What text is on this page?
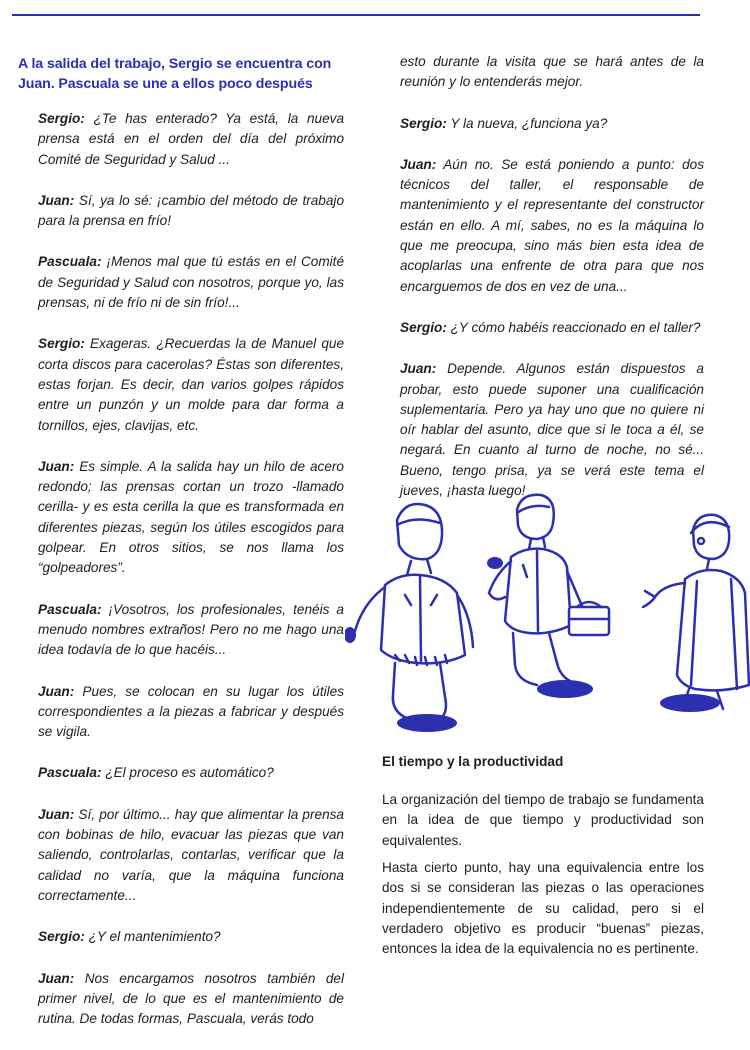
A la salida del trabajo, Sergio se encuentra con Juan. Pascuala se une a ellos poco después

Sergio: ¿Te has enterado? Ya está, la nueva prensa está en el orden del día del próximo Comité de Seguridad y Salud ...

Juan: Sí, ya lo sé: ¡cambio del método de trabajo para la prensa en frío!

Pascuala: ¡Menos mal que tú estás en el Comité de Seguridad y Salud con nosotros, porque yo, las prensas, ni de frío ni de sin frío!...

Sergio: Exageras. ¿Recuerdas la de Manuel que corta discos para cacerolas? Éstas son diferentes, estas forjan. Es decir, dan varios golpes rápidos entre un punzón y un molde para dar forma a tornillos, ejes, clavijas, etc.

Juan: Es simple. A la salida hay un hilo de acero redondo; las prensas cortan un trozo -llamado cerilla- y es esta cerilla la que es transformada en diferentes piezas, según los útiles escogidos para golpear. En otros sitios, se nos llama los “golpeadores”.

Pascuala: ¡Vosotros, los profesionales, tenéis a menudo nombres extraños! Pero no me hago una idea todavía de lo que hacéis...

Juan: Pues, se colocan en su lugar los útiles correspondientes a la piezas a fabricar y después se vigila.

Pascuala: ¿El proceso es automático?

Juan: Sí, por último... hay que alimentar la prensa con bobinas de hilo, evacuar las piezas que van saliendo, controlarlas, contarlas, verificar que la calidad no varía, que la máquina funciona correctamente...

Sergio: ¿Y el mantenimiento?

Juan: Nos encargamos nosotros también del primer nivel, de lo que es el mantenimiento de rutina. De todas formas, Pascuala, verás todo

esto durante la visita que se hará antes de la reunión y lo entenderás mejor.

Sergio: Y la nueva, ¿funciona ya?

Juan: Aún no. Se está poniendo a punto: dos técnicos del taller, el responsable de mantenimiento y el representante del constructor están en ello. A mí, sabes, no es la máquina lo que me preocupa, sino más bien esta idea de acoplarlas una enfrente de otra para que nos encarguemos de dos en vez de una...

Sergio: ¿Y cómo habéis reaccionado en el taller?

Juan: Depende. Algunos están dispuestos a probar, esto puede suponer una cualificación suplementaria. Pero ya hay uno que no quiere ni oír hablar del asunto, dice que si le toca a él, se negará. En cuanto al turno de noche, no sé... Bueno, tengo prisa, ya se verá este tema el jueves, ¡hasta luego!

El tiempo y la productividad

La organización del tiempo de trabajo se fundamenta en la idea de que tiempo y productividad son equivalentes.

Hasta cierto punto, hay una equivalencia entre los dos si se consideran las piezas o las operaciones independientemente de su calidad, pero si el verdadero objetivo es producir “buenas” piezas, entonces la idea de la equivalencia no es pertinente.
